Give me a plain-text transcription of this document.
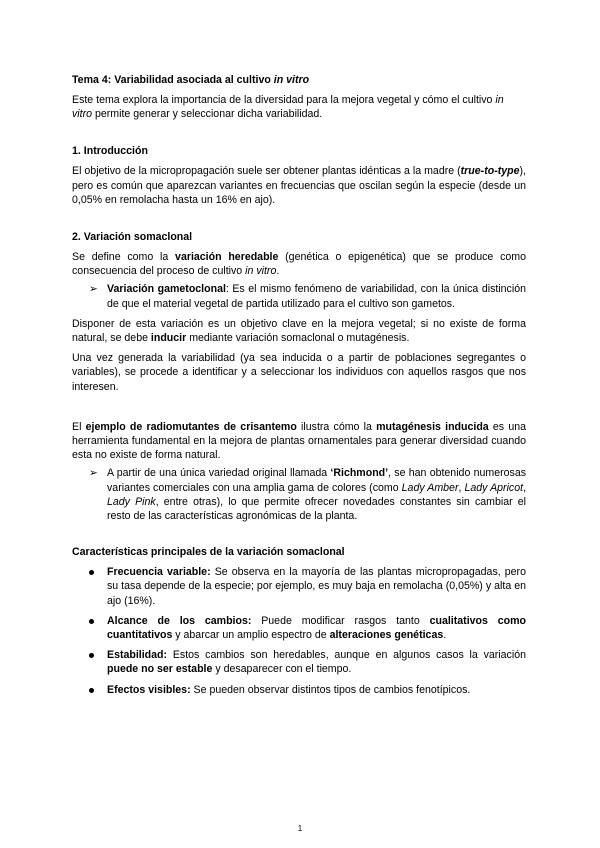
Tema 4: Variabilidad asociada al cultivo in vitro

Este tema explora la importancia de la diversidad para la mejora vegetal y cómo el cultivo in vitro permite generar y seleccionar dicha variabilidad.

1. Introducción

El objetivo de la micropropagación suele ser obtener plantas idénticas a la madre (true-to-type), pero es común que aparezcan variantes en frecuencias que oscilan según la especie (desde un 0,05% en remolacha hasta un 16% en ajo).

2. Variación somaclonal

Se define como la variación heredable (genética o epigenética) que se produce como consecuencia del proceso de cultivo in vitro.

➢ Variación gametoclonal: Es el mismo fenómeno de variabilidad, con la única distinción de que el material vegetal de partida utilizado para el cultivo son gametos.

Disponer de esta variación es un objetivo clave en la mejora vegetal; si no existe de forma natural, se debe inducir mediante variación somaclonal o mutagénesis.

Una vez generada la variabilidad (ya sea inducida o a partir de poblaciones segregantes o variables), se procede a identificar y a seleccionar los individuos con aquellos rasgos que nos interesen.

El ejemplo de radiomutantes de crisantemo ilustra cómo la mutagénesis inducida es una herramienta fundamental en la mejora de plantas ornamentales para generar diversidad cuando esta no existe de forma natural.

➢ A partir de una única variedad original llamada ‘Richmond’, se han obtenido numerosas variantes comerciales con una amplia gama de colores (como Lady Amber, Lady Apricot, Lady Pink, entre otras), lo que permite ofrecer novedades constantes sin cambiar el resto de las características agronómicas de la planta.

Características principales de la variación somaclonal

Frecuencia variable: Se observa en la mayoría de las plantas micropropagadas, pero su tasa depende de la especie; por ejemplo, es muy baja en remolacha (0,05%) y alta en ajo (16%).

Alcance de los cambios: Puede modificar rasgos tanto cualitativos como cuantitativos y abarcar un amplio espectro de alteraciones genéticas.

Estabilidad: Estos cambios son heredables, aunque en algunos casos la variación puede no ser estable y desaparecer con el tiempo.

Efectos visibles: Se pueden observar distintos tipos de cambios fenotípicos.

1
